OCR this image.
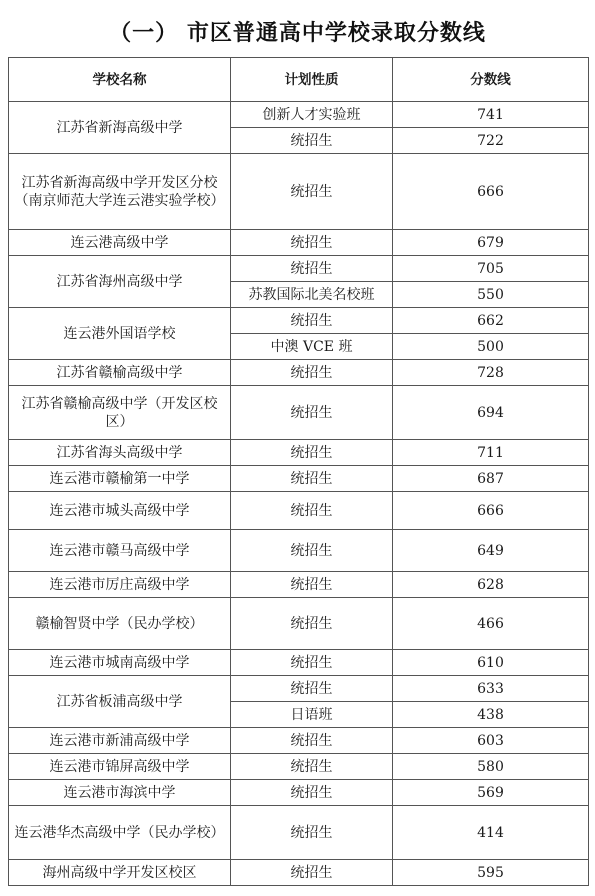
（一） 市区普通高中学校录取分数线
学校名称	计划性质	分数线
江苏省新海高级中学	创新人才实验班	741
	统招生	722
江苏省新海高级中学开发区分校（南京师范大学连云港实验学校）	统招生	666
连云港高级中学	统招生	679
江苏省海州高级中学	统招生	705
	苏教国际北美名校班	550
连云港外国语学校	统招生	662
	中澳 VCE 班	500
江苏省赣榆高级中学	统招生	728
江苏省赣榆高级中学（开发区校区）	统招生	694
江苏省海头高级中学	统招生	711
连云港市赣榆第一中学	统招生	687
连云港市城头高级中学	统招生	666
连云港市赣马高级中学	统招生	649
连云港市厉庄高级中学	统招生	628
赣榆智贤中学（民办学校）	统招生	466
连云港市城南高级中学	统招生	610
江苏省板浦高级中学	统招生	633
	日语班	438
连云港市新浦高级中学	统招生	603
连云港市锦屏高级中学	统招生	580
连云港市海滨中学	统招生	569
连云港华杰高级中学（民办学校）	统招生	414
海州高级中学开发区校区	统招生	595
